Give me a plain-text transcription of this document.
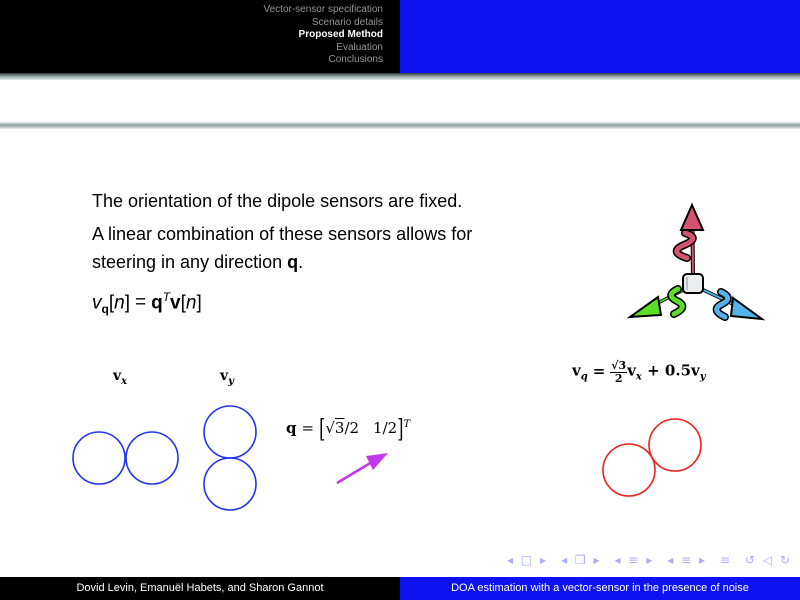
Vector-sensor specification
Scenario details
Proposed Method
Evaluation
Conclusions
The orientation of the dipole sensors are fixed.
A linear combination of these sensors allows for
steering in any direction q.
$v_q[n] = q^Tv[n]$
$v_x$	$v_y$
q = [√3/2 1/2]$^T$
$v_q = \frac{√3}{2} v_x + 0.5v_y$
◂ □ ▸ ◂ ❐ ▸ ◂ ≡ ▸ ◂ ≡ ▸ ≡ ↺ ◁ ↻
Dovid Levin, Emanuël Habets, and Sharon Gannot	DOA estimation with a vector-sensor in the presence of noise
